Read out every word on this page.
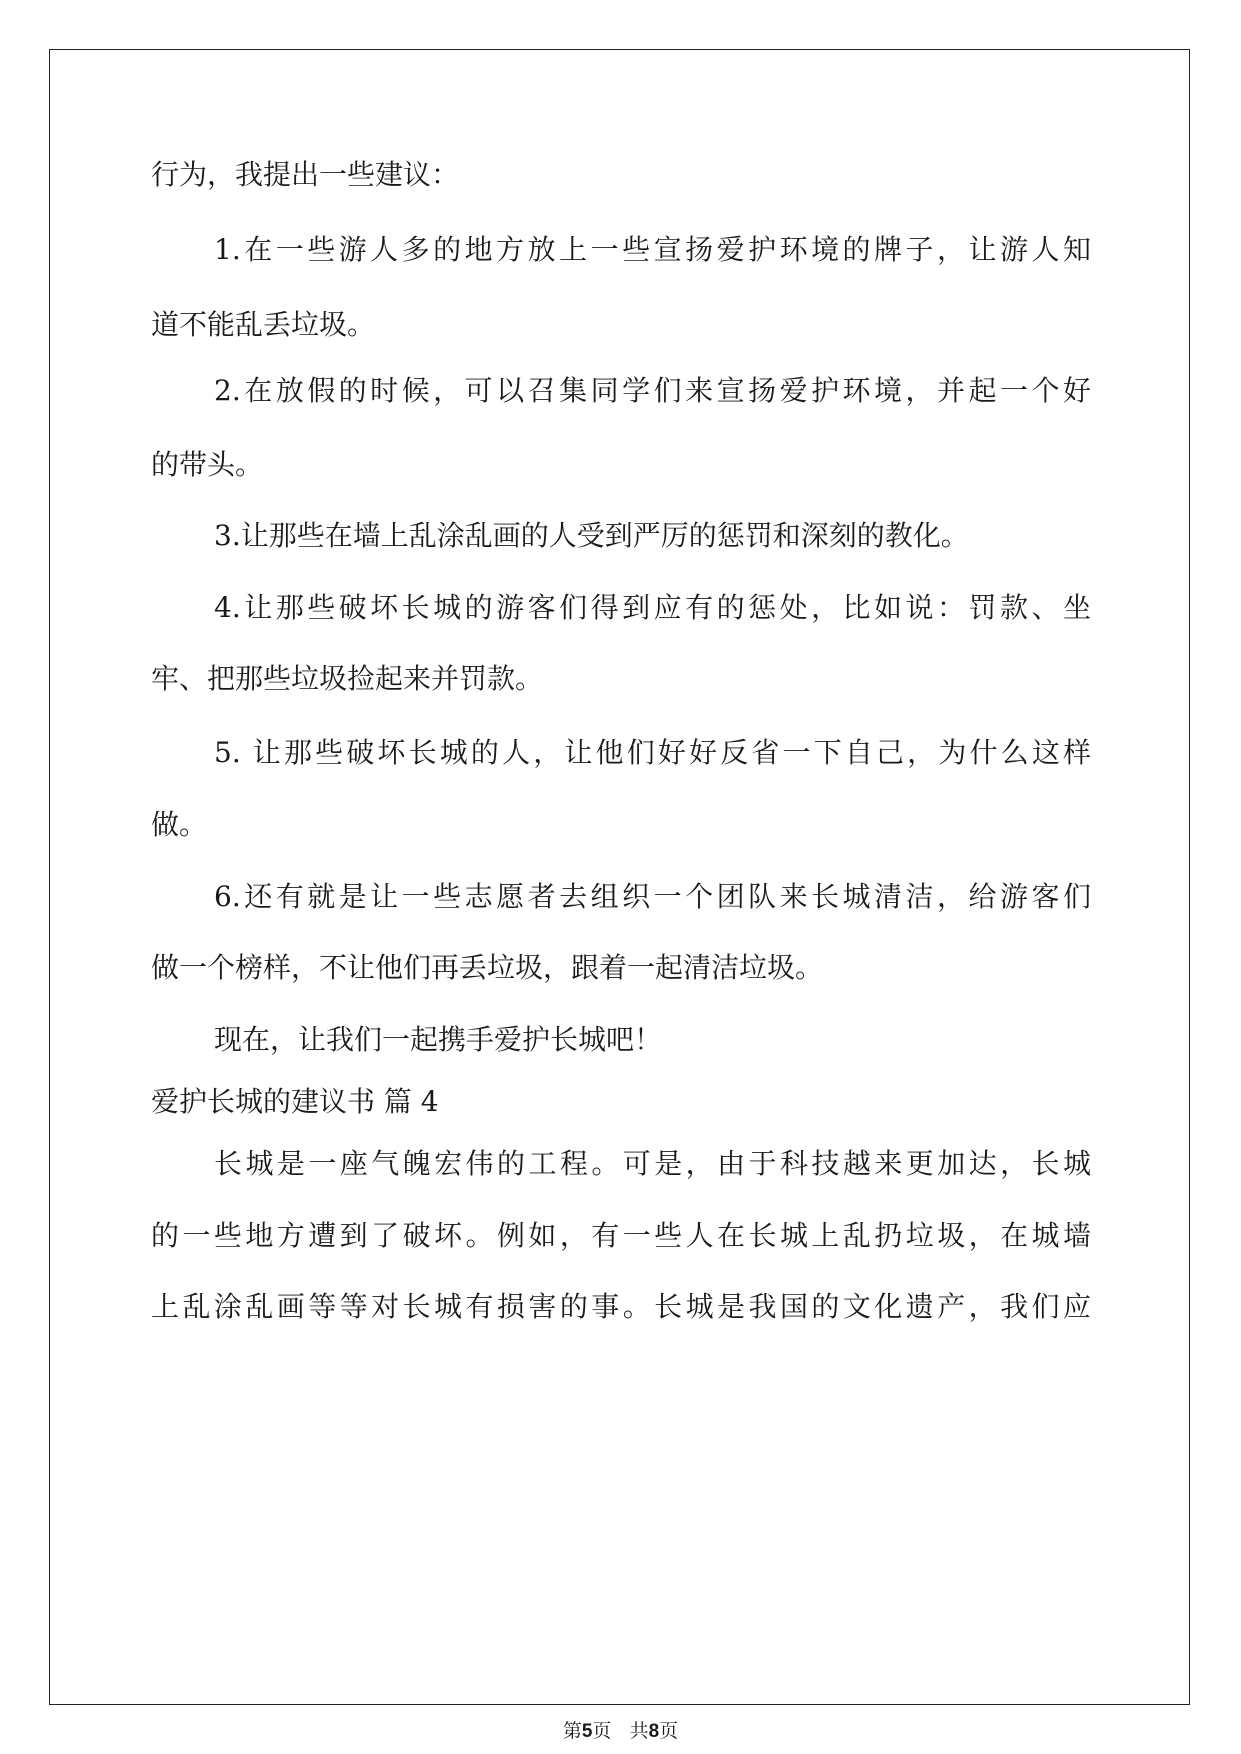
行为，我提出一些建议：

1.在一些游人多的地方放上一些宣扬爱护环境的牌子，让游人知

道不能乱丢垃圾。

2.在放假的时候，可以召集同学们来宣扬爱护环境，并起一个好

的带头。

3.让那些在墙上乱涂乱画的人受到严厉的惩罚和深刻的教化。

4.让那些破坏长城的游客们得到应有的惩处，比如说：罚款、坐

牢、把那些垃圾捡起来并罚款。

5. 让那些破坏长城的人，让他们好好反省一下自己，为什么这样

做。

6.还有就是让一些志愿者去组织一个团队来长城清洁，给游客们

做一个榜样，不让他们再丢垃圾，跟着一起清洁垃圾。

现在，让我们一起携手爱护长城吧！

爱护长城的建议书 篇 4

长城是一座气魄宏伟的工程。可是，由于科技越来更加达，长城

的一些地方遭到了破坏。例如，有一些人在长城上乱扔垃圾，在城墙

上乱涂乱画等等对长城有损害的事。长城是我国的文化遗产，我们应

第5页 共8页
